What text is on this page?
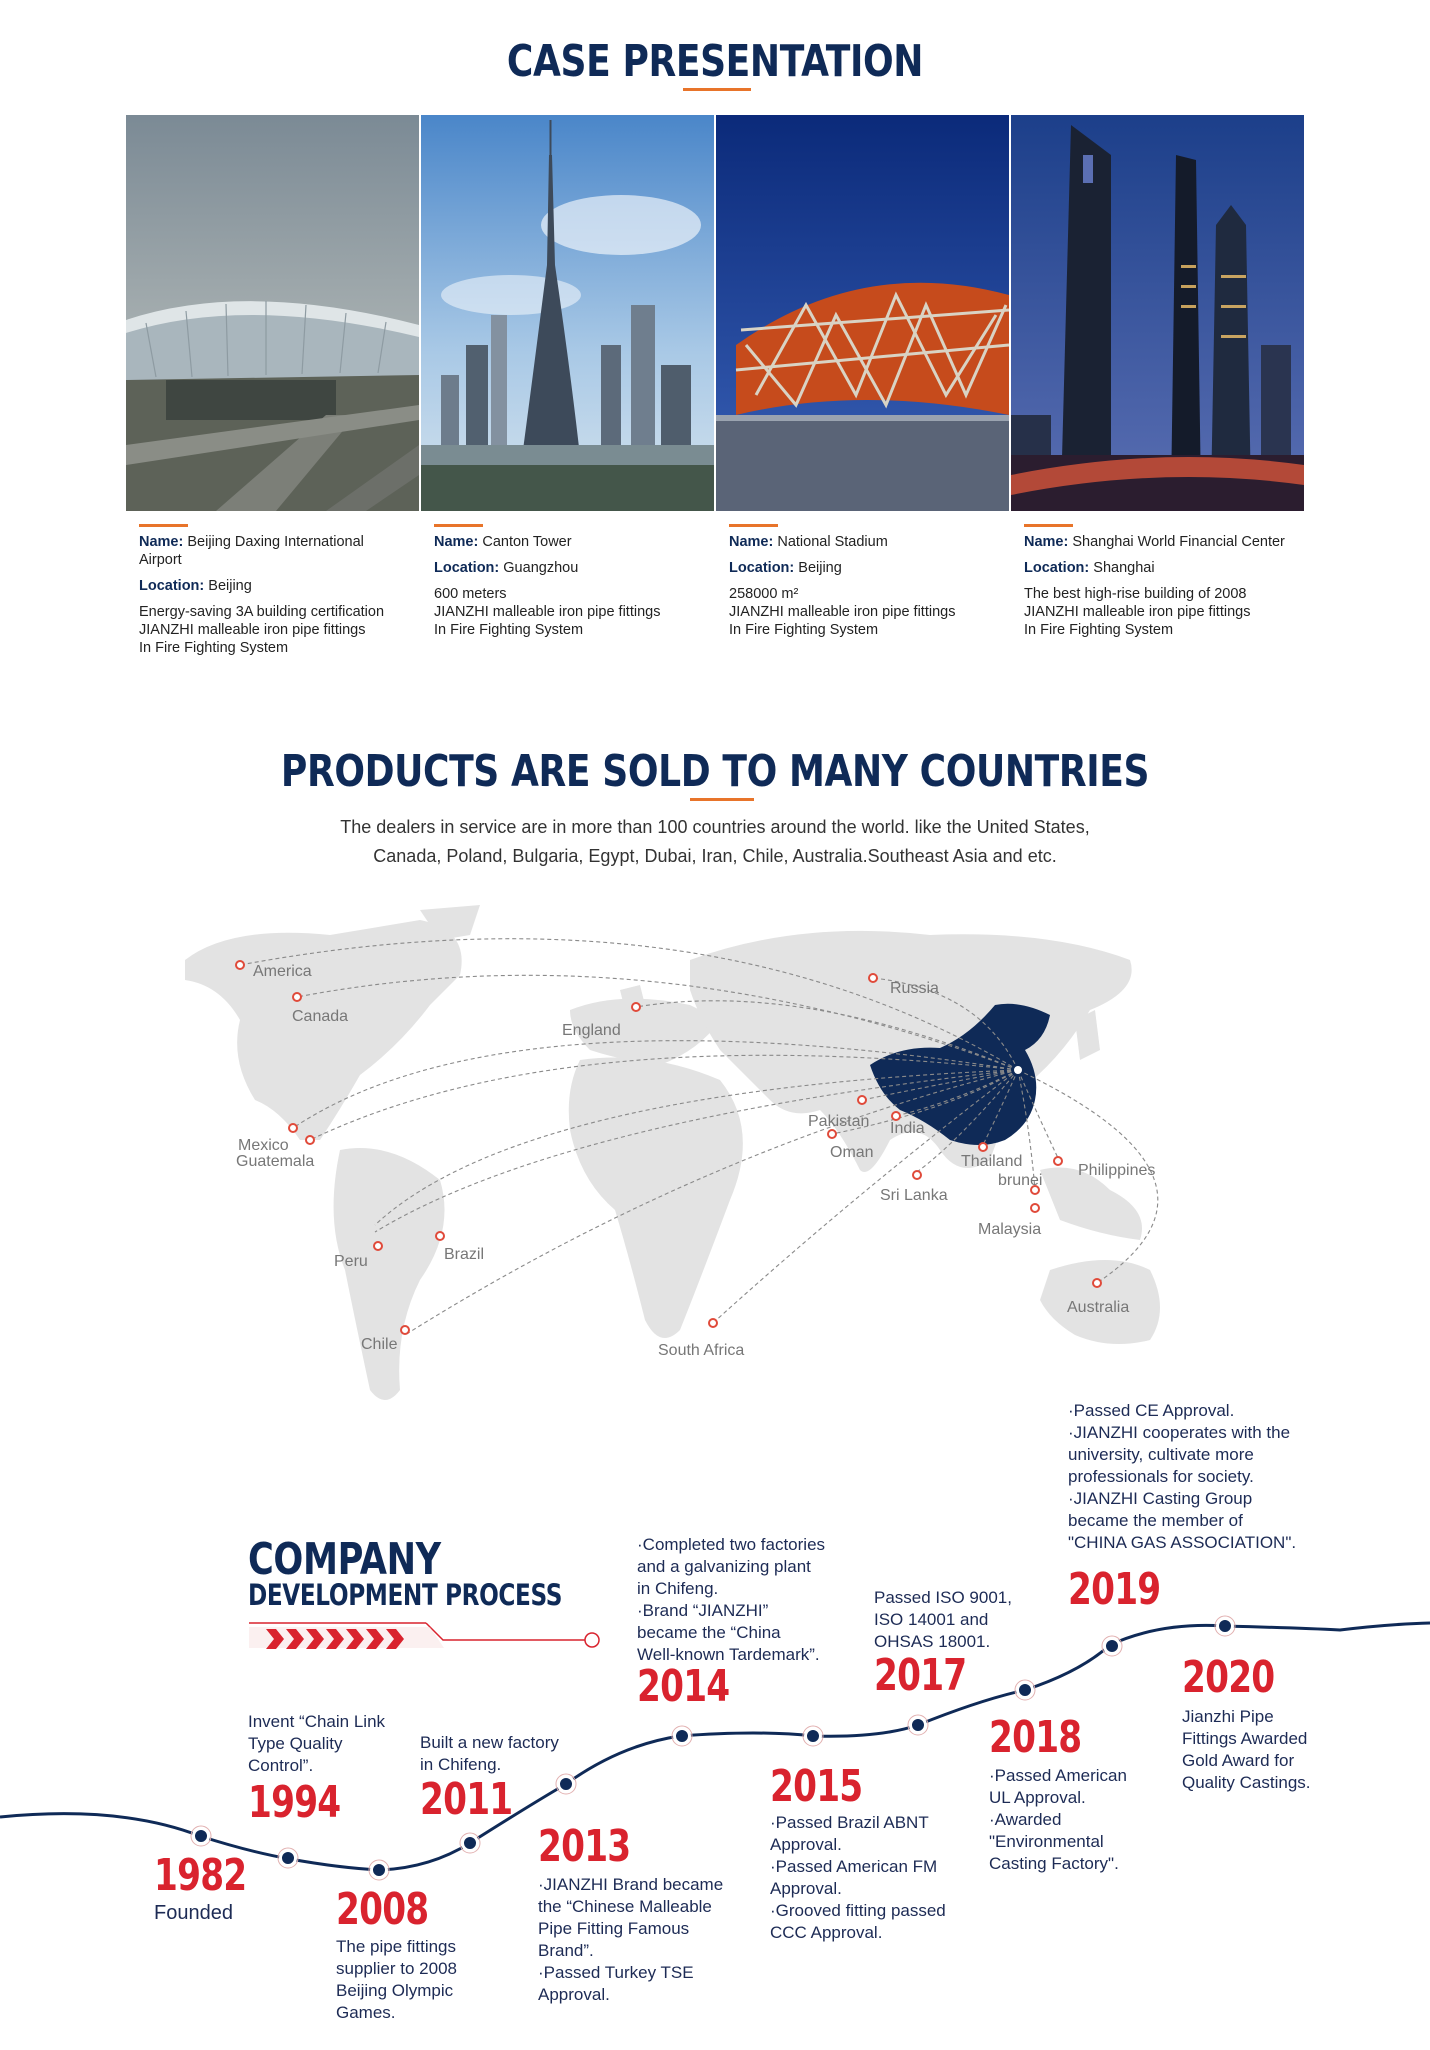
CASE PRESENTATION
Name: Beijing Daxing International Airport
Location: Beijing
Energy-saving 3A building certification
JIANZHI malleable iron pipe fittings
In Fire Fighting System
Name: Canton Tower
Location: Guangzhou
600 meters
JIANZHI malleable iron pipe fittings
In Fire Fighting System
Name: National Stadium
Location: Beijing
258000 m²
JIANZHI malleable iron pipe fittings
In Fire Fighting System
Name: Shanghai World Financial Center
Location: Shanghai
The best high-rise building of 2008
JIANZHI malleable iron pipe fittings
In Fire Fighting System
PRODUCTS ARE SOLD TO MANY COUNTRIES
The dealers in service are in more than 100 countries around the world. like the United States,
Canada, Poland, Bulgaria, Egypt, Dubai, Iran, Chile, Australia.Southeast Asia and etc.
America
Canada
Russia
England
Pakistan India
Oman
Thailand
brunei
Philippines
Sri Lanka
Malaysia
Mexico
Guatemala
Peru	Brazil
Australia
Chile	South Africa
COMPANY
DEVELOPMENT PROCESS
1982
Founded
Invent “Chain Link
Type Quality
Control”.
1994
2008
The pipe fittings
supplier to 2008
Beijing Olympic
Games.
Built a new factory
in Chifeng.
2011
2013
·JIANZHI Brand became
the “Chinese Malleable
Pipe Fitting Famous
Brand”.
·Passed Turkey TSE
Approval.
·Completed two factories
and a galvanizing plant
in Chifeng.
·Brand “JIANZHI”
became the “China
Well-known Tardemark”.
2014
2015
·Passed Brazil ABNT
Approval.
·Passed American FM
Approval.
·Grooved fitting passed
CCC Approval.
Passed ISO 9001,
ISO 14001 and
OHSAS 18001.
2017
2018
·Passed American
UL Approval.
·Awarded
"Environmental
Casting Factory".
·Passed CE Approval.
·JIANZHI cooperates with the
university, cultivate more
professionals for society.
·JIANZHI Casting Group
became the member of
"CHINA GAS ASSOCIATION".
2019
2020
Jianzhi Pipe
Fittings Awarded
Gold Award for
Quality Castings.
